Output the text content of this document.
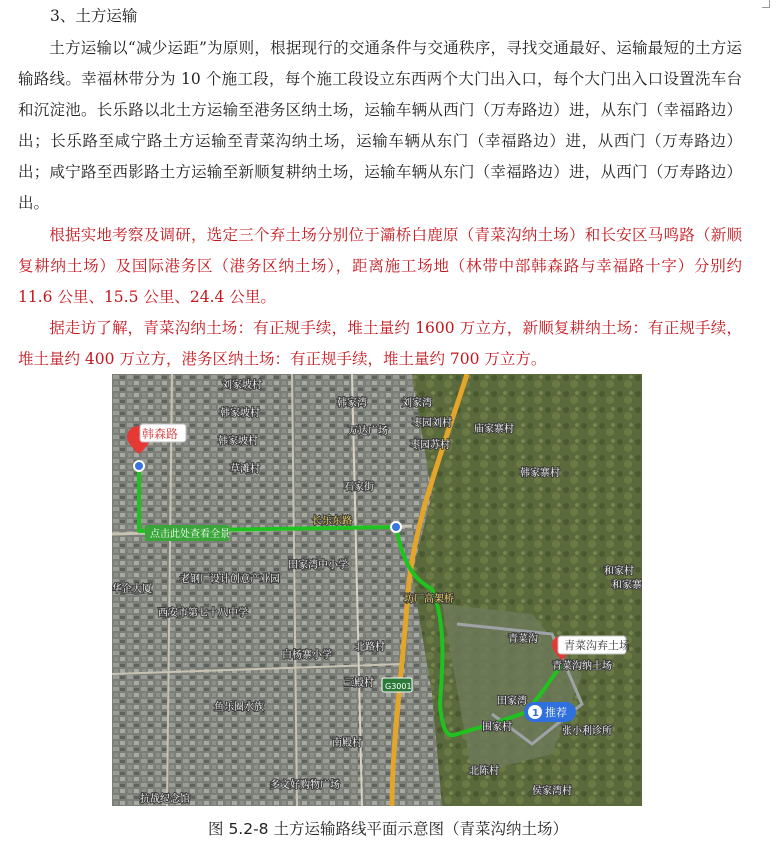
3、土方运输

土方运输以“减少运距”为原则，根据现行的交通条件与交通秩序，寻找交通最好、运输最短的土方运输路线。幸福林带分为 10 个施工段，每个施工段设立东西两个大门出入口，每个大门出入口设置洗车台和沉淀池。长乐路以北土方运输至港务区纳土场，运输车辆从西门（万寿路边）进，从东门（幸福路边）出；长乐路至咸宁路土方运输至青菜沟纳土场，运输车辆从东门（幸福路边）进，从西门（万寿路边）出；咸宁路至西影路土方运输至新顺复耕纳土场，运输车辆从东门（幸福路边）进，从西门（万寿路边）出。

根据实地考察及调研，选定三个弃土场分别位于灞桥白鹿原（青菜沟纳土场）和长安区马鸣路（新顺复耕纳土场）及国际港务区（港务区纳土场），距离施工场地（林带中部韩森路与幸福路十字）分别约 11.6 公里、15.5 公里、24.4 公里。

据走访了解，青菜沟纳土场：有正规手续，堆土量约 1600 万立方，新顺复耕纳土场：有正规手续，堆土量约 400 万立方，港务区纳土场：有正规手续，堆土量约 700 万立方。

韩森路
青菜沟弃土场
点击此处查看全景
1 推荐
长乐东路
G3001
刘家坡村
韩家坡村
韩家坡村
韩家湾	刘家湾
枣园刘村
庙家寨村
枣园苏村
万达广场
石家街
韩家寨村
草滩村
和家寨
华企大厦
老钢厂设计创意产业园
田家湾中小学
坊厂高架桥
和家村
西安市第七十八中学
白杨寨小学
北路村
青菜沟
三殿村
围家村
鱼乐圈水族
南殿村
张小利诊所
多文好购物广场
北陈村
抗战纪念馆
侯家湾村
田家湾
青菜沟纳土场
图 5.2-8 土方运输路线平面示意图（青菜沟纳土场）
